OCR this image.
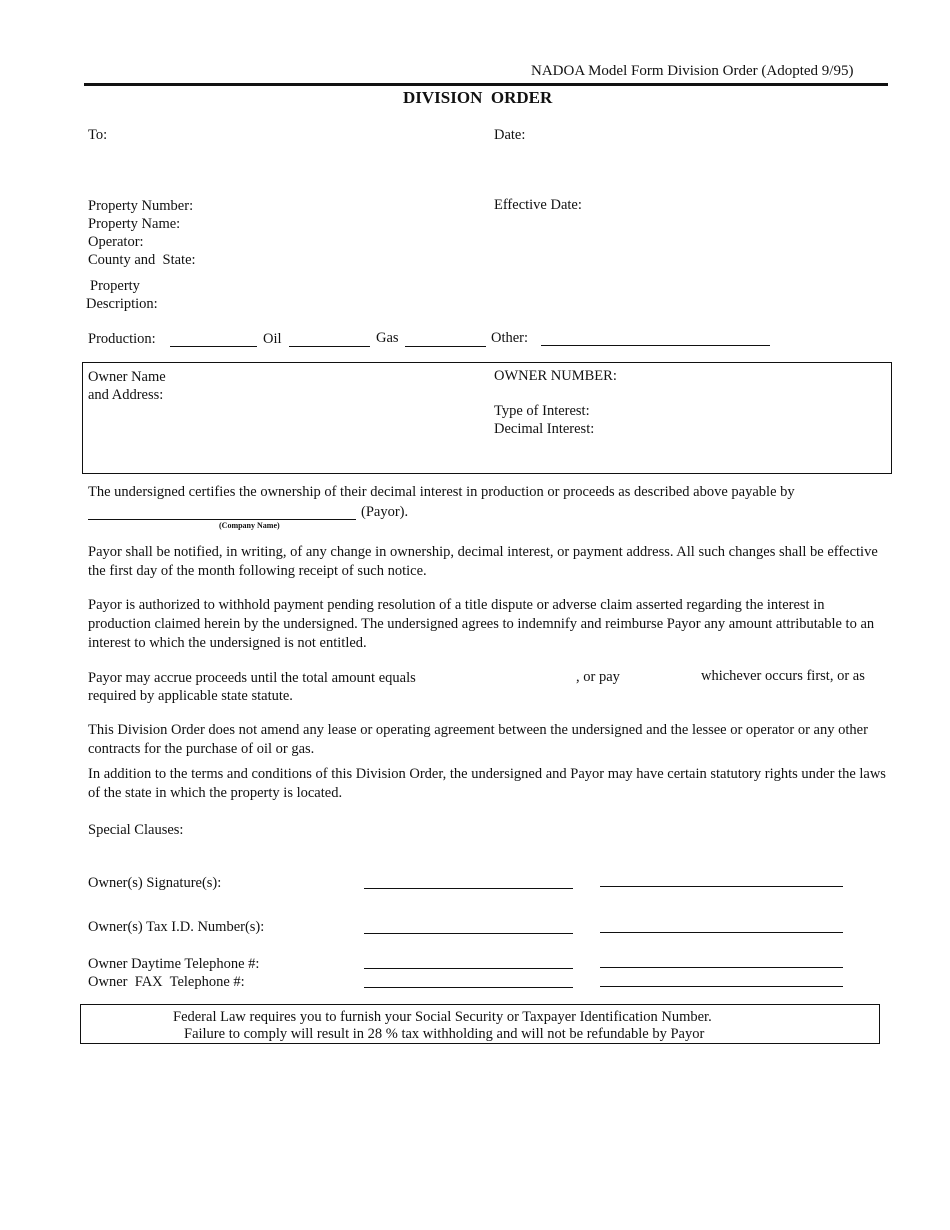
NADOA Model Form Division Order (Adopted 9/95)
DIVISION  ORDER
To:	Date:
Property Number:
Property Name:
Operator:
County and  State:
Effective Date:
Property
Description:
Production:	Oil	Gas	Other:
Owner Name
and Address:
OWNER NUMBER:
Type of Interest:
Decimal Interest:
The undersigned certifies the ownership of their decimal interest in production or proceeds as described above payable by
(Payor).
(Company Name)
Payor shall be notified, in writing, of any change in ownership, decimal interest, or payment address. All such changes shall be effective the first day of the month following receipt of such notice.
Payor is authorized to withhold payment pending resolution of a title dispute or adverse claim asserted regarding the interest in production claimed herein by the undersigned. The undersigned agrees to indemnify and reimburse Payor any amount attributable to an interest to which the undersigned is not entitled.
Payor may accrue proceeds until the total amount equals	, or pay	whichever occurs first, or as
required by applicable state statute.
This Division Order does not amend any lease or operating agreement between the undersigned and the lessee or operator or any other contracts for the purchase of oil or gas.
In addition to the terms and conditions of this Division Order, the undersigned and Payor may have certain statutory rights under the laws of the state in which the property is located.
Special Clauses:
Owner(s) Signature(s):
Owner(s) Tax I.D. Number(s):
Owner Daytime Telephone #:
Owner  FAX  Telephone #:
Federal Law requires you to furnish your Social Security or Taxpayer Identification Number.
Failure to comply will result in 28 % tax withholding and will not be refundable by Payor
